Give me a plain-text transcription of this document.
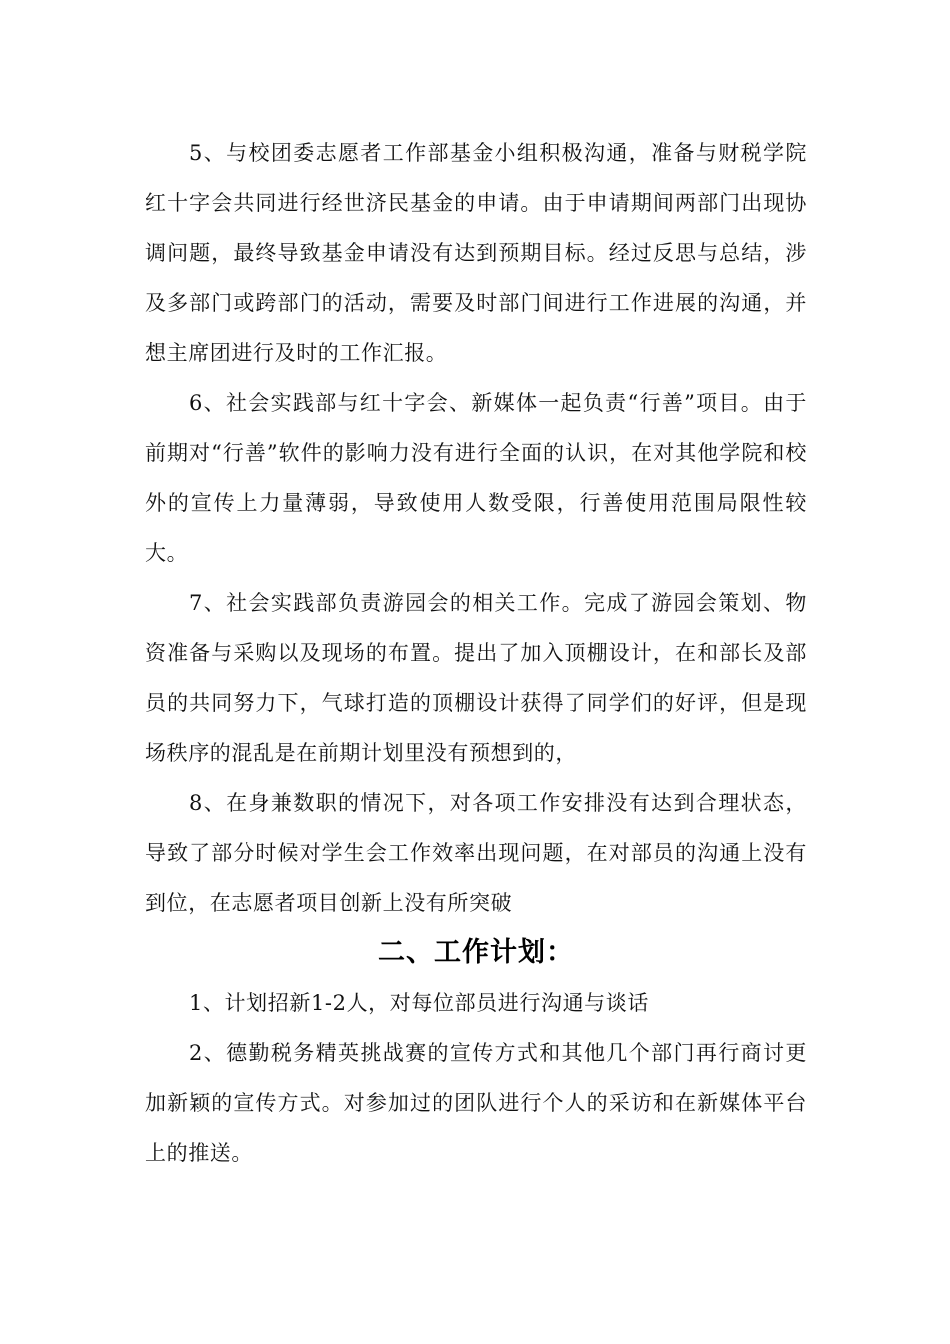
5、与校团委志愿者工作部基金小组积极沟通，准备与财税学院红十字会共同进行经世济民基金的申请。由于申请期间两部门出现协调问题，最终导致基金申请没有达到预期目标。经过反思与总结，涉及多部门或跨部门的活动，需要及时部门间进行工作进展的沟通，并想主席团进行及时的工作汇报。

6、社会实践部与红十字会、新媒体一起负责“行善”项目。由于前期对“行善”软件的影响力没有进行全面的认识，在对其他学院和校外的宣传上力量薄弱，导致使用人数受限，行善使用范围局限性较大。

7、社会实践部负责游园会的相关工作。完成了游园会策划、物资准备与采购以及现场的布置。提出了加入顶棚设计，在和部长及部员的共同努力下，气球打造的顶棚设计获得了同学们的好评，但是现场秩序的混乱是在前期计划里没有预想到的，

8、在身兼数职的情况下，对各项工作安排没有达到合理状态，导致了部分时候对学生会工作效率出现问题，在对部员的沟通上没有到位，在志愿者项目创新上没有所突破

二、工作计划：

1、计划招新1-2人，对每位部员进行沟通与谈话

2、德勤税务精英挑战赛的宣传方式和其他几个部门再行商讨更加新颖的宣传方式。对参加过的团队进行个人的采访和在新媒体平台上的推送。
